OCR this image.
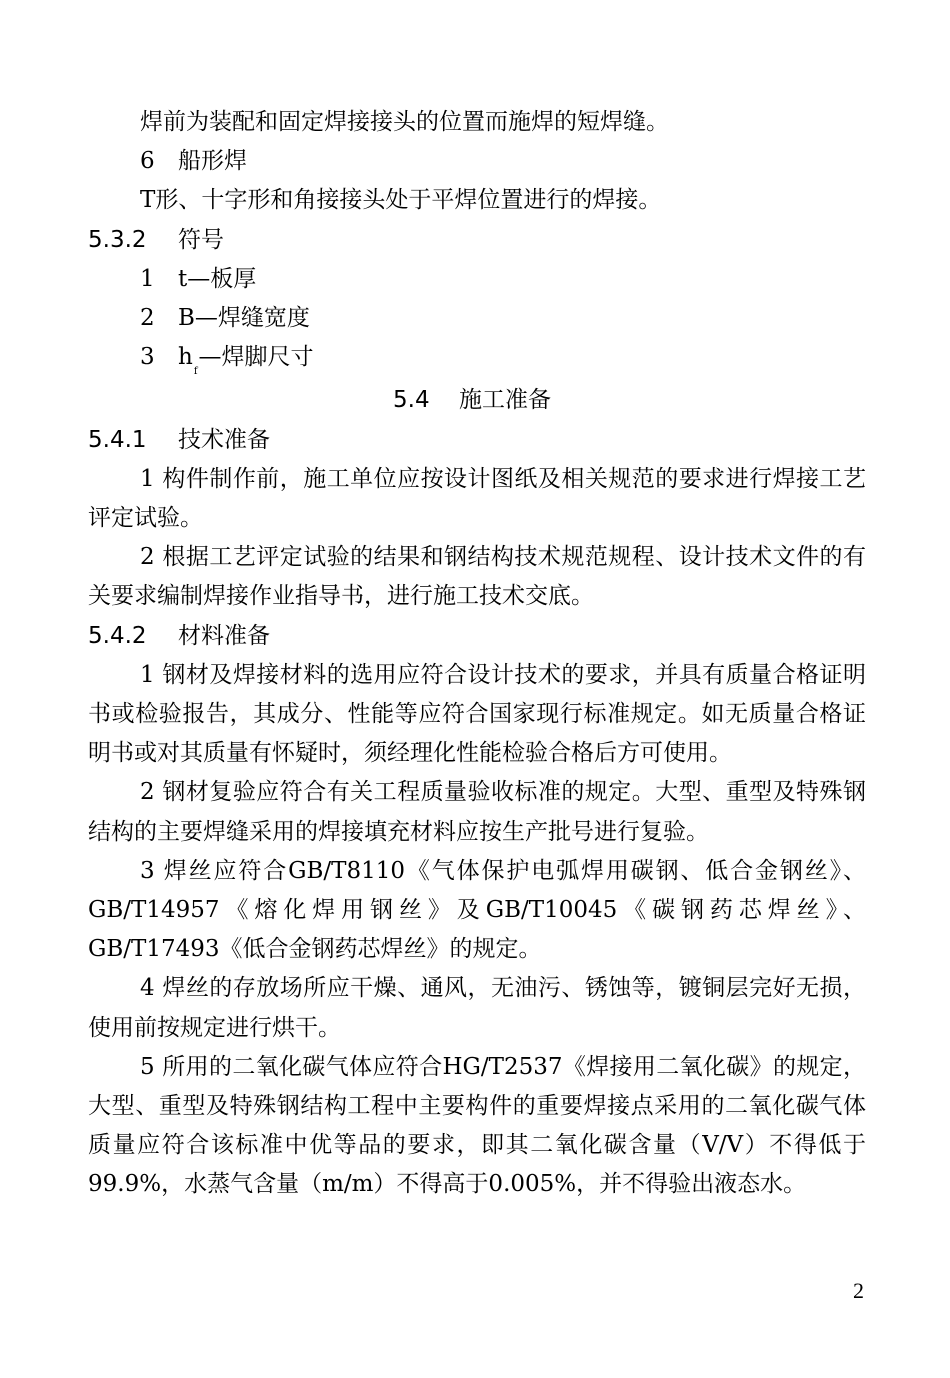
焊前为装配和固定焊接接头的位置而施焊的短焊缝。
6 船形焊
T形、十字形和角接接头处于平焊位置进行的焊接。
5.3.2 符号
1 t—板厚
2 B—焊缝宽度
3 $h_f—$焊脚尺寸
5.4 施工准备
5.4.1 技术准备
1 构件制作前，施工单位应按设计图纸及相关规范的要求进行焊接工艺评定试验。
2 根据工艺评定试验的结果和钢结构技术规范规程、设计技术文件的有关要求编制焊接作业指导书，进行施工技术交底。
5.4.2 材料准备
1 钢材及焊接材料的选用应符合设计技术的要求，并具有质量合格证明书或检验报告，其成分、性能等应符合国家现行标准规定。如无质量合格证明书或对其质量有怀疑时，须经理化性能检验合格后方可使用。
2 钢材复验应符合有关工程质量验收标准的规定。大型、重型及特殊钢结构的主要焊缝采用的焊接填充材料应按生产批号进行复验。
3 焊丝应符合GB/T8110《气体保护电弧焊用碳钢、低合金钢丝》、GB/T14957《熔化焊用钢丝》及GB/T10045《碳钢药芯焊丝》、GB/T17493《低合金钢药芯焊丝》的规定。
4 焊丝的存放场所应干燥、通风，无油污、锈蚀等，镀铜层完好无损，使用前按规定进行烘干。
5 所用的二氧化碳气体应符合HG/T2537《焊接用二氧化碳》的规定，大型、重型及特殊钢结构工程中主要构件的重要焊接点采用的二氧化碳气体质量应符合该标准中优等品的要求，即其二氧化碳含量（V/V）不得低于99.9%，水蒸气含量（m/m）不得高于0.005%，并不得验出液态水。
2
